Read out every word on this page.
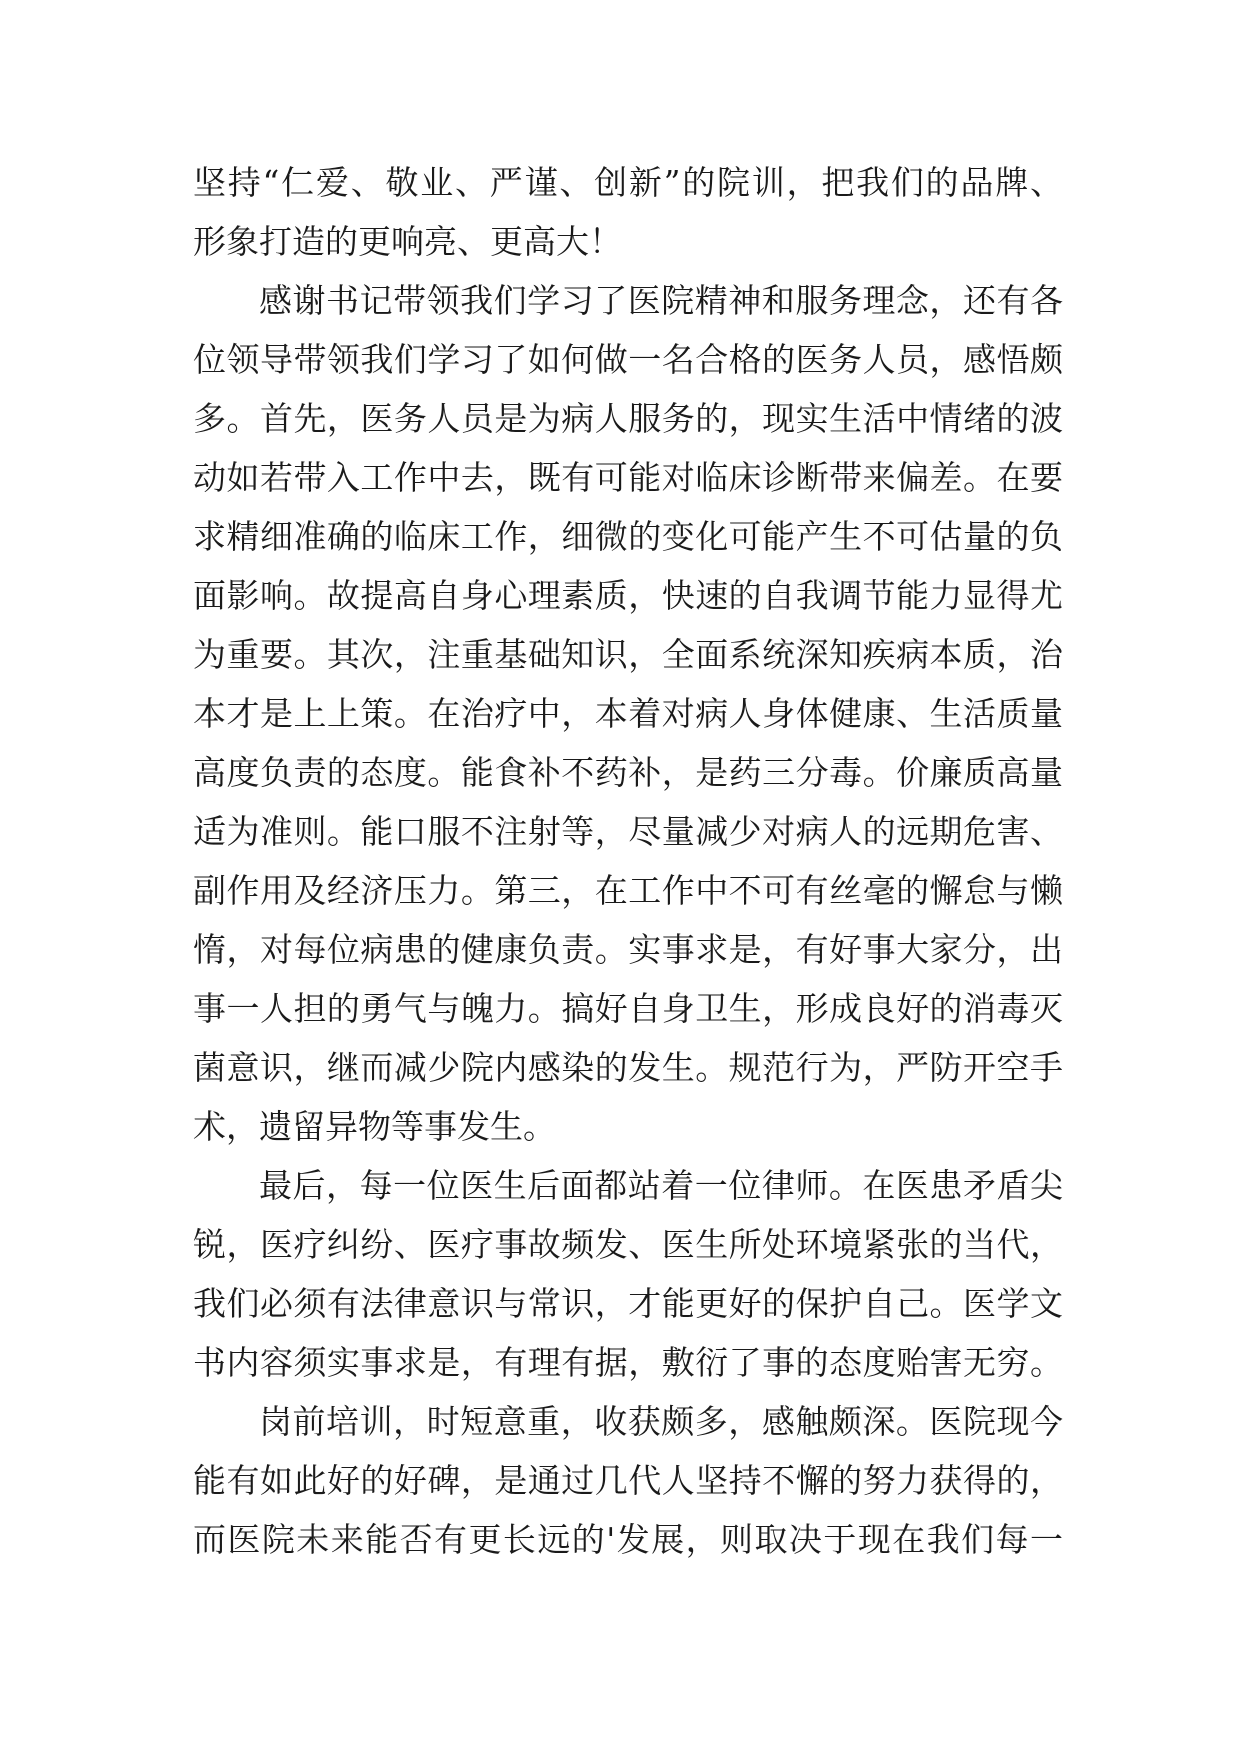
坚持“仁爱、敬业、严谨、创新”的院训，把我们的品牌、
形象打造的更响亮、更高大！
感谢书记带领我们学习了医院精神和服务理念，还有各
位领导带领我们学习了如何做一名合格的医务人员，感悟颇
多。首先，医务人员是为病人服务的，现实生活中情绪的波
动如若带入工作中去，既有可能对临床诊断带来偏差。在要
求精细准确的临床工作，细微的变化可能产生不可估量的负
面影响。故提高自身心理素质，快速的自我调节能力显得尤
为重要。其次，注重基础知识，全面系统深知疾病本质，治
本才是上上策。在治疗中，本着对病人身体健康、生活质量
高度负责的态度。能食补不药补，是药三分毒。价廉质高量
适为准则。能口服不注射等，尽量减少对病人的远期危害、
副作用及经济压力。第三，在工作中不可有丝毫的懈怠与懒
惰，对每位病患的健康负责。实事求是，有好事大家分，出
事一人担的勇气与魄力。搞好自身卫生，形成良好的消毒灭
菌意识，继而减少院内感染的发生。规范行为，严防开空手
术，遗留异物等事发生。
最后，每一位医生后面都站着一位律师。在医患矛盾尖
锐，医疗纠纷、医疗事故频发、医生所处环境紧张的当代，
我们必须有法律意识与常识，才能更好的保护自己。医学文
书内容须实事求是，有理有据，敷衍了事的态度贻害无穷。
岗前培训，时短意重，收获颇多，感触颇深。医院现今
能有如此好的好碑，是通过几代人坚持不懈的努力获得的，
而医院未来能否有更长远的'发展，则取决于现在我们每一
